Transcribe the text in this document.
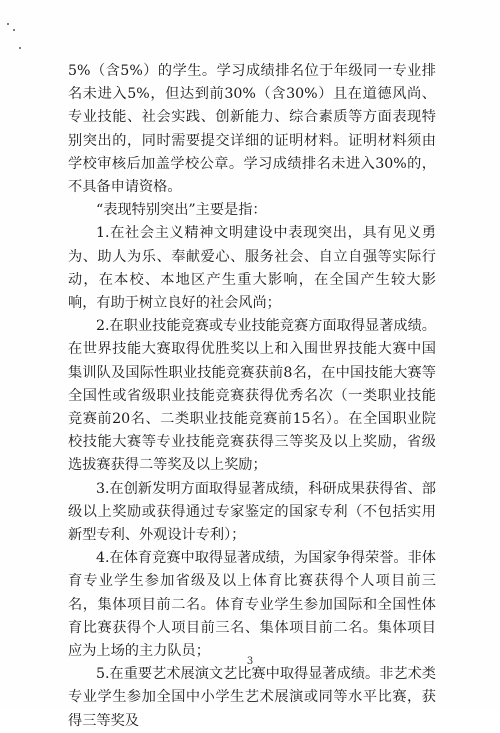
5%（含5%）的学生。学习成绩排名位于年级同一专业排名未进入5%，但达到前30%（含30%）且在道德风尚、专业技能、社会实践、创新能力、综合素质等方面表现特别突出的，同时需要提交详细的证明材料。证明材料须由学校审核后加盖学校公章。学习成绩排名未进入30%的，不具备申请资格。

“表现特别突出”主要是指：

1.在社会主义精神文明建设中表现突出，具有见义勇为、助人为乐、奉献爱心、服务社会、自立自强等实际行动，在本校、本地区产生重大影响，在全国产生较大影响，有助于树立良好的社会风尚；

2.在职业技能竞赛或专业技能竞赛方面取得显著成绩。在世界技能大赛取得优胜奖以上和入围世界技能大赛中国集训队及国际性职业技能竞赛获前8名，在中国技能大赛等全国性或省级职业技能竞赛获得优秀名次（一类职业技能竞赛前20名、二类职业技能竞赛前15名）。在全国职业院校技能大赛等专业技能竞赛获得三等奖及以上奖励，省级选拔赛获得二等奖及以上奖励；

3.在创新发明方面取得显著成绩，科研成果获得省、部级以上奖励或获得通过专家鉴定的国家专利（不包括实用新型专利、外观设计专利）；

4.在体育竞赛中取得显著成绩，为国家争得荣誉。非体育专业学生参加省级及以上体育比赛获得个人项目前三名，集体项目前二名。体育专业学生参加国际和全国性体育比赛获得个人项目前三名、集体项目前二名。集体项目应为上场的主力队员；

5.在重要艺术展演文艺比赛中取得显著成绩。非艺术类专业学生参加全国中小学生艺术展演或同等水平比赛，获得三等奖及

3
